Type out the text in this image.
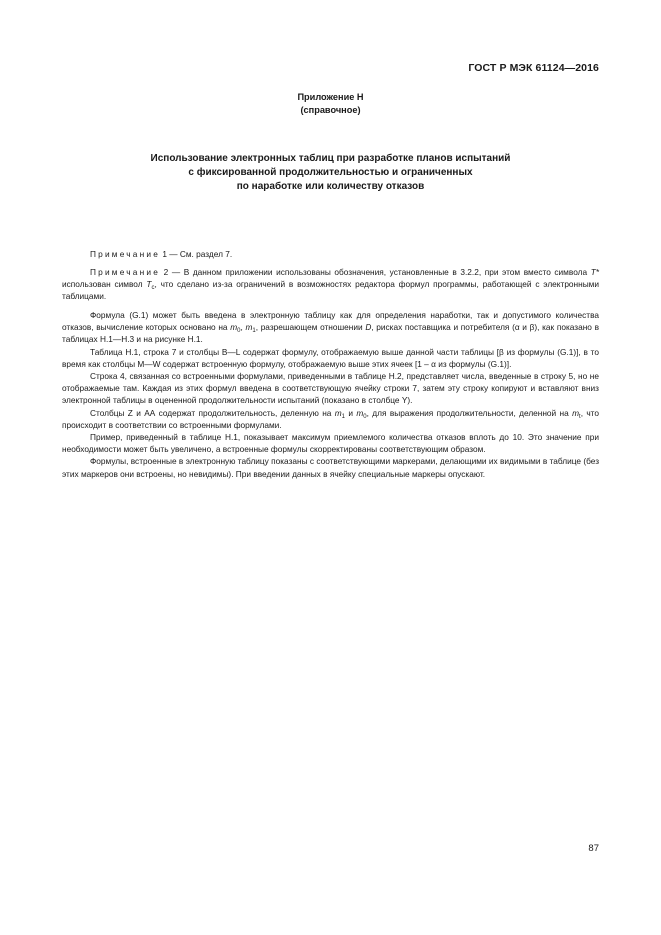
ГОСТ Р МЭК 61124—2016
Приложение Н
(справочное)
Использование электронных таблиц при разработке планов испытаний
с фиксированной продолжительностью и ограниченных
по наработке или количеству отказов

Примечание 1 — См. раздел 7.

Примечание 2 — В данном приложении использованы обозначения, установленные в 3.2.2, при этом вместо символа T* использован символ $T_с$, что сделано из-за ограничений в возможностях редактора формул программы, работающей с электронными таблицами.

Формула (G.1) может быть введена в электронную таблицу как для определения наработки, так и допустимого количества отказов, вычисление которых основано на $m_0$, $m_1$, разрешающем отношении D, рисках поставщика и потребителя (α и β), как показано в таблицах Н.1—Н.3 и на рисунке Н.1.

Таблица Н.1, строка 7 и столбцы В—L содержат формулу, отображаемую выше данной части таблицы [β из формулы (G.1)], в то время как столбцы М—W содержат встроенную формулу, отображаемую выше этих ячеек [1 – α из формулы (G.1)].

Строка 4, связанная со встроенными формулами, приведенными в таблице Н.2, представляет числа, введенные в строку 5, но не отображаемые там. Каждая из этих формул введена в соответствующую ячейку строки 7, затем эту строку копируют и вставляют вниз электронной таблицы в оцененной продолжительности испытаний (показано в столбце Y).

Столбцы Z и АА содержат продолжительность, деленную на $m_1$ и $m_0$, для выражения продолжительности, деленной на $m_t$, что происходит в соответствии со встроенными формулами.

Пример, приведенный в таблице Н.1, показывает максимум приемлемого количества отказов вплоть до 10. Это значение при необходимости может быть увеличено, а встроенные формулы скорректированы соответствующим образом.

Формулы, встроенные в электронную таблицу показаны с соответствующими маркерами, делающими их видимыми в таблице (без этих маркеров они встроены, но невидимы). При введении данных в ячейку специальные маркеры опускают.

87
